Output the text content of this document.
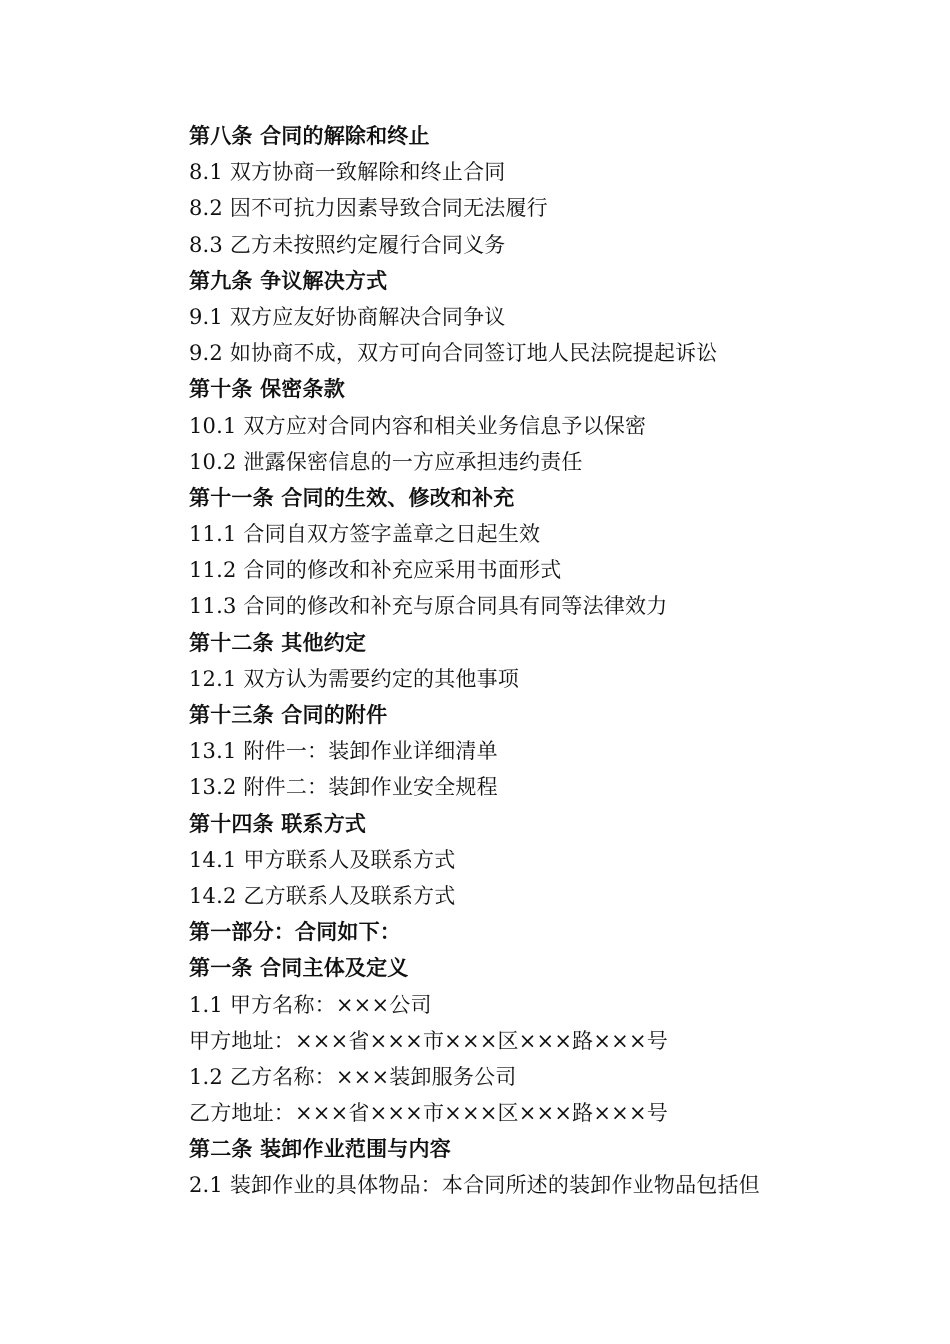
第八条 合同的解除和终止
8.1 双方协商一致解除和终止合同
8.2 因不可抗力因素导致合同无法履行
8.3 乙方未按照约定履行合同义务
第九条 争议解决方式
9.1 双方应友好协商解决合同争议
9.2 如协商不成，双方可向合同签订地人民法院提起诉讼
第十条 保密条款
10.1 双方应对合同内容和相关业务信息予以保密
10.2 泄露保密信息的一方应承担违约责任
第十一条 合同的生效、修改和补充
11.1 合同自双方签字盖章之日起生效
11.2 合同的修改和补充应采用书面形式
11.3 合同的修改和补充与原合同具有同等法律效力
第十二条 其他约定
12.1 双方认为需要约定的其他事项
第十三条 合同的附件
13.1 附件一：装卸作业详细清单
13.2 附件二：装卸作业安全规程
第十四条 联系方式
14.1 甲方联系人及联系方式
14.2 乙方联系人及联系方式
第一部分：合同如下：
第一条 合同主体及定义
1.1 甲方名称：×××公司
甲方地址：×××省×××市×××区×××路×××号
1.2 乙方名称：×××装卸服务公司
乙方地址：×××省×××市×××区×××路×××号
第二条 装卸作业范围与内容
2.1 装卸作业的具体物品：本合同所述的装卸作业物品包括但
